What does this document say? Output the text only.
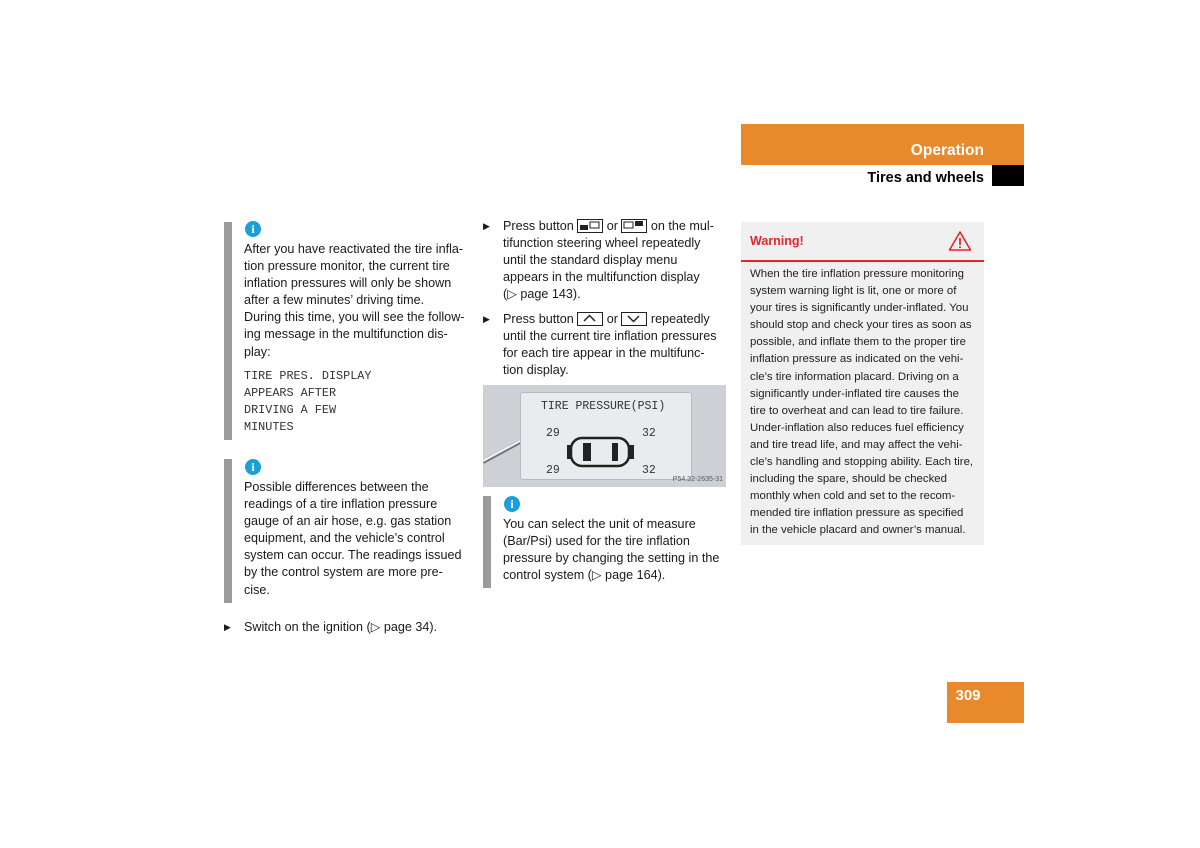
Operation
Tires and wheels
i
After you have reactivated the tire infla-
tion pressure monitor, the current tire
inflation pressures will only be shown
after a few minutes’ driving time.
During this time, you will see the follow-
ing message in the multifunction dis-
play:
TIRE PRES. DISPLAY
APPEARS AFTER
DRIVING A FEW
MINUTES
i
Possible differences between the
readings of a tire inflation pressure
gauge of an air hose, e.g. gas station
equipment, and the vehicle’s control
system can occur. The readings issued
by the control system are more pre-
cise.
▶ Switch on the ignition (▷ page 34).
▶ Press button	or	on the mul-
tifunction steering wheel repeatedly
until the standard display menu
appears in the multifunction display
(▷ page 143).
▶ Press button	or	repeatedly
until the current tire inflation pressures
for each tire appear in the multifunc-
tion display.
TIRE PRESSURE(PSI)
29	32
29	32
P54.32-2635-31
i
You can select the unit of measure
(Bar/Psi) used for the tire inflation
pressure by changing the setting in the
control system (▷ page 164).
Warning!
When the tire inflation pressure monitoring
system warning light is lit, one or more of
your tires is significantly under-inflated. You
should stop and check your tires as soon as
possible, and inflate them to the proper tire
inflation pressure as indicated on the vehi-
cle’s tire information placard. Driving on a
significantly under-inflated tire causes the
tire to overheat and can lead to tire failure.
Under-inflation also reduces fuel efficiency
and tire tread life, and may affect the vehi-
cle’s handling and stopping ability. Each tire,
including the spare, should be checked
monthly when cold and set to the recom-
mended tire inflation pressure as specified
in the vehicle placard and owner’s manual.
309
